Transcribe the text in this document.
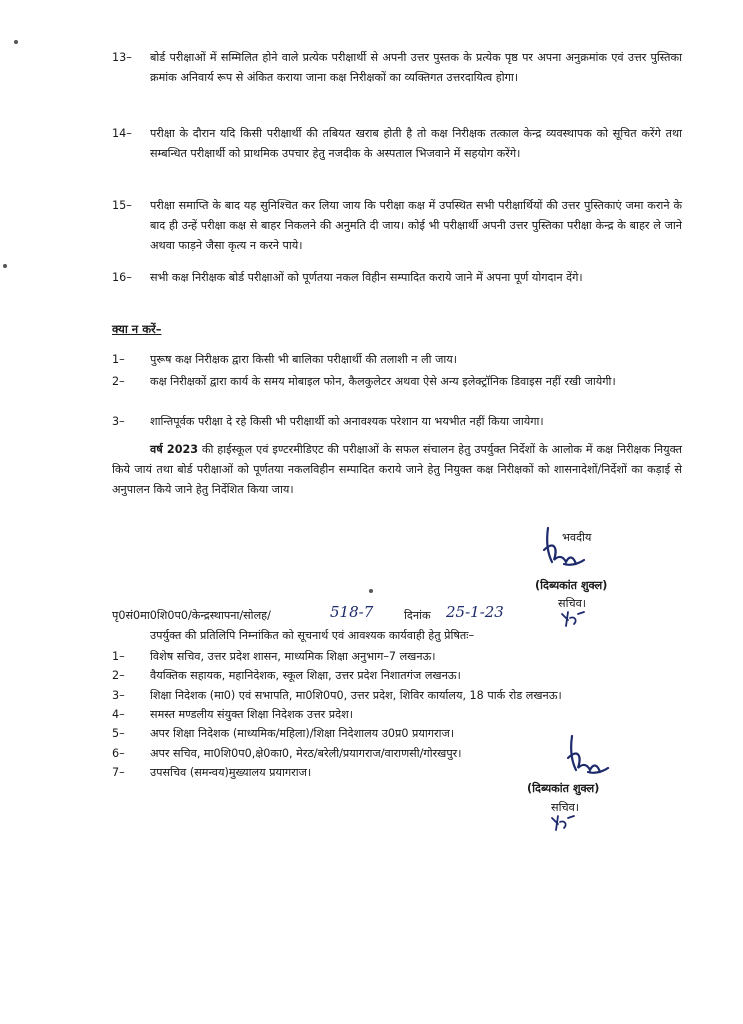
13– बोर्ड परीक्षाओं में सम्मिलित होने वाले प्रत्येक परीक्षार्थी से अपनी उत्तर पुस्तक के प्रत्येक पृष्ठ पर अपना अनुक्रमांक एवं उत्तर पुस्तिका क्रमांक अनिवार्य रूप से अंकित कराया जाना कक्ष निरीक्षकों का व्यक्तिगत उत्तरदायित्व होगा।
14– परीक्षा के दौरान यदि किसी परीक्षार्थी की तबियत खराब होती है तो कक्ष निरीक्षक तत्काल केन्द्र व्यवस्थापक को सूचित करेंगे तथा सम्बन्धित परीक्षार्थी को प्राथमिक उपचार हेतु नजदीक के अस्पताल भिजवाने में सहयोग करेंगे।
15– परीक्षा समाप्ति के बाद यह सुनिश्चित कर लिया जाय कि परीक्षा कक्ष में उपस्थित सभी परीक्षार्थियों की उत्तर पुस्तिकाएं जमा कराने के बाद ही उन्हें परीक्षा कक्ष से बाहर निकलने की अनुमति दी जाय। कोई भी परीक्षार्थी अपनी उत्तर पुस्तिका परीक्षा केन्द्र के बाहर ले जाने अथवा फाड़ने जैसा कृत्य न करने पाये।
16– सभी कक्ष निरीक्षक बोर्ड परीक्षाओं को पूर्णतया नकल विहीन सम्पादित कराये जाने में अपना पूर्ण योगदान देंगे।
क्या न करें–
1– पुरूष कक्ष निरीक्षक द्वारा किसी भी बालिका परीक्षार्थी की तलाशी न ली जाय।
2– कक्ष निरीक्षकों द्वारा कार्य के समय मोबाइल फोन, कैलकुलेटर अथवा ऐसे अन्य इलेक्ट्रॉनिक डिवाइस नहीं रखी जायेगी।
3– शान्तिपूर्वक परीक्षा दे रहे किसी भी परीक्षार्थी को अनावश्यक परेशान या भयभीत नहीं किया जायेगा।
वर्ष 2023 की हाईस्कूल एवं इण्टरमीडिएट की परीक्षाओं के सफल संचालन हेतु उपर्युक्त निर्देशों के आलोक में कक्ष निरीक्षक नियुक्त किये जायं तथा बोर्ड परीक्षाओं को पूर्णतया नकलविहीन सम्पादित कराये जाने हेतु नियुक्त कक्ष निरीक्षकों को शासनादेशों/निर्देशों का कड़ाई से अनुपालन किये जाने हेतु निर्देशित किया जाय।
भवदीय
(दिब्यकांत शुक्ल)
सचिव।
पृ0सं0मा0शि0प0/केन्द्रस्थापना/सोलह/	518-7	दिनांक 25-1-23
उपर्युक्त की प्रतिलिपि निम्नांकित को सूचनार्थ एवं आवश्यक कार्यवाही हेतु प्रेषितः–
1– विशेष सचिव, उत्तर प्रदेश शासन, माध्यमिक शिक्षा अनुभाग–7 लखनऊ।
2– वैयक्तिक सहायक, महानिदेशक, स्कूल शिक्षा, उत्तर प्रदेश निशातगंज लखनऊ।
3– शिक्षा निदेशक (मा0) एवं सभापति, मा0शि0प0, उत्तर प्रदेश, शिविर कार्यालय, 18 पार्क रोड लखनऊ।
4– समस्त मण्डलीय संयुक्त शिक्षा निदेशक उत्तर प्रदेश।
5– अपर शिक्षा निदेशक (माध्यमिक/महिला)/शिक्षा निदेशालय उ0प्र0 प्रयागराज।
6– अपर सचिव, मा0शि0प0,क्षे0का0, मेरठ/बरेली/प्रयागराज/वाराणसी/गोरखपुर।
7– उपसचिव (समन्वय)मुख्यालय प्रयागराज।
(दिब्यकांत शुक्ल)
सचिव।
